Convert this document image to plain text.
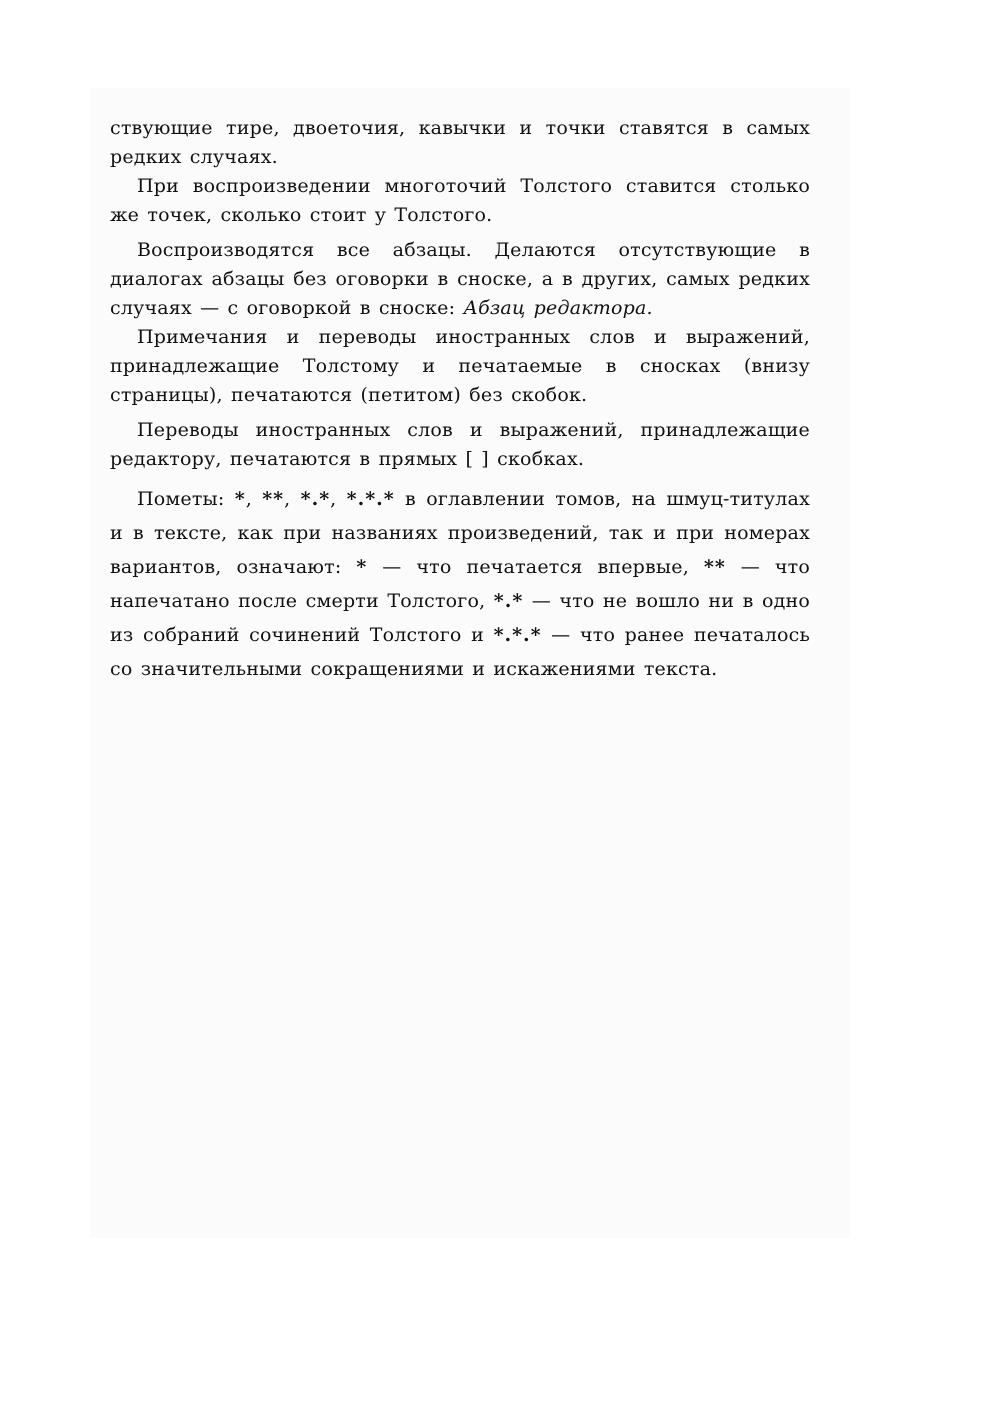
ствующие тире, двоеточия, кавычки и точки ставятся в самых редких случаях.

При воспроизведении многоточий Толстого ставится столько же точек, сколько стоит у Толстого.

Воспроизводятся все абзацы. Делаются отсутствующие в диалогах абзацы без оговорки в сноске, а в других, самых редких случаях — с оговоркой в сноске: Абзац редактора.

Примечания и переводы иностранных слов и выражений, принадлежащие Толстому и печатаемые в сносках (внизу страницы), печатаются (петитом) без скобок.

Переводы иностранных слов и выражений, принадлежащие редактору, печатаются в прямых [ ] скобках.

Пометы: *, **, *.*, *.*.* в оглавлении томов, на шмуц-титулах и в тексте, как при названиях произведений, так и при номерах вариантов, означают: * — что печатается впервые, ** — что напечатано после смерти Толстого, *.* — что не вошло ни в одно из собраний сочинений Толстого и *.*.* — что ранее печаталось со значительными сокращениями и искажениями текста.
